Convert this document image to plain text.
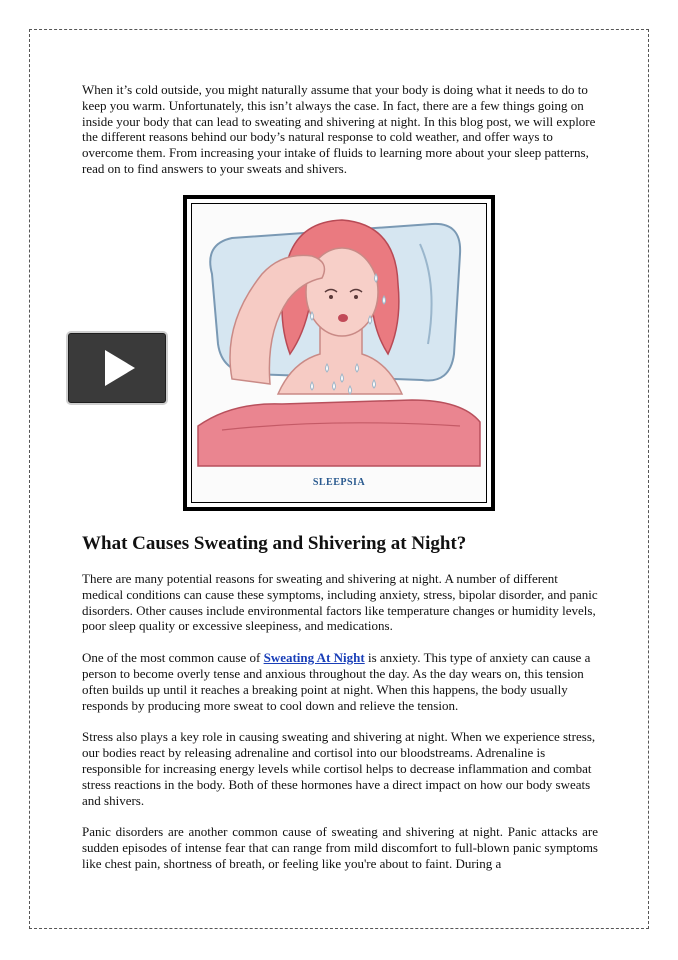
When it’s cold outside, you might naturally assume that your body is doing what it needs to do to keep you warm. Unfortunately, this isn’t always the case. In fact, there are a few things going on inside your body that can lead to sweating and shivering at night. In this blog post, we will explore the different reasons behind our body’s natural response to cold weather, and offer ways to overcome them. From increasing your intake of fluids to learning more about your sleep patterns, read on to find answers to your sweats and shivers.

SLEEPSIA
What Causes Sweating and Shivering at Night?

There are many potential reasons for sweating and shivering at night. A number of different medical conditions can cause these symptoms, including anxiety, stress, bipolar disorder, and panic disorders. Other causes include environmental factors like temperature changes or humidity levels, poor sleep quality or excessive sleepiness, and medications.

One of the most common cause of Sweating At Night is anxiety. This type of anxiety can cause a person to become overly tense and anxious throughout the day. As the day wears on, this tension often builds up until it reaches a breaking point at night. When this happens, the body usually responds by producing more sweat to cool down and relieve the tension.

Stress also plays a key role in causing sweating and shivering at night. When we experience stress, our bodies react by releasing adrenaline and cortisol into our bloodstreams. Adrenaline is responsible for increasing energy levels while cortisol helps to decrease inflammation and combat stress reactions in the body. Both of these hormones have a direct impact on how our body sweats and shivers.

Panic disorders are another common cause of sweating and shivering at night. Panic attacks are sudden episodes of intense fear that can range from mild discomfort to full-blown panic symptoms like chest pain, shortness of breath, or feeling like you're about to faint. During a
